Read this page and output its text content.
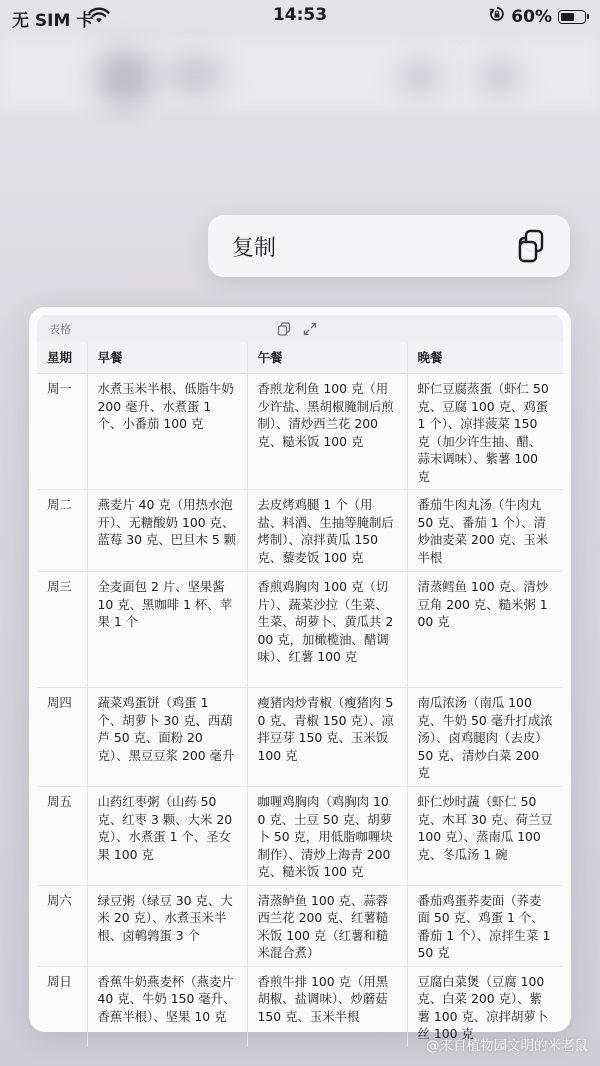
无 SIM 卡	14:53	60%
复制
表格
星期	早餐	午餐	晚餐
周一	水煮玉米半根、低脂牛奶 200 毫升、水煮蛋 1 个、小番茄 100 克	香煎龙利鱼 100 克（用少许盐、黑胡椒腌制后煎制）、清炒西兰花 200 克、糙米饭 100 克	虾仁豆腐蒸蛋（虾仁 50 克、豆腐 100 克、鸡蛋 1 个）、凉拌菠菜 150 克（加少许生抽、醋、蒜末调味）、紫薯 100 克
周二	燕麦片 40 克（用热水泡开）、无糖酸奶 100 克、蓝莓 30 克、巴旦木 5 颗	去皮烤鸡腿 1 个（用盐、料酒、生抽等腌制后烤制）、凉拌黄瓜 150 克、藜麦饭 100 克	番茄牛肉丸汤（牛肉丸 50 克、番茄 1 个）、清炒油麦菜 200 克、玉米半根
周三	全麦面包 2 片、坚果酱 10 克、黑咖啡 1 杯、苹果 1 个	香煎鸡胸肉 100 克（切片）、蔬菜沙拉（生菜、生菜、胡萝卜、黄瓜共 200 克，加橄榄油、醋调味）、红薯 100 克	清蒸鳕鱼 100 克、清炒豆角 200 克、糙米粥 100 克
周四	蔬菜鸡蛋饼（鸡蛋 1 个、胡萝卜 30 克、西葫芦 50 克、面粉 20 克）、黑豆豆浆 200 毫升	瘦猪肉炒青椒（瘦猪肉 50 克、青椒 150 克）、凉拌豆芽 150 克、玉米饭 100 克	南瓜浓汤（南瓜 100 克、牛奶 50 毫升打成浓汤）、卤鸡腿肉（去皮）50 克、清炒白菜 200 克
周五	山药红枣粥（山药 50 克、红枣 3 颗、大米 20 克）、水煮蛋 1 个、圣女果 100 克	咖喱鸡胸肉（鸡胸肉 100 克、土豆 50 克、胡萝卜 50 克，用低脂咖喱块制作）、清炒上海青 200 克、糙米饭 100 克	虾仁炒时蔬（虾仁 50 克、木耳 30 克、荷兰豆 100 克）、蒸南瓜 100 克、冬瓜汤 1 碗
周六	绿豆粥（绿豆 30 克、大米 20 克）、水煮玉米半根、卤鹌鹑蛋 3 个	清蒸鲈鱼 100 克、蒜蓉西兰花 200 克、红薯糙米饭 100 克（红薯和糙米混合煮）	番茄鸡蛋荞麦面（荞麦面 50 克、鸡蛋 1 个、番茄 1 个）、凉拌生菜 150 克
周日	香蕉牛奶燕麦杯（燕麦片 40 克、牛奶 150 毫升、香蕉半根）、坚果 10 克	香煎牛排 100 克（用黑胡椒、盐调味）、炒蘑菇 150 克、玉米半根	豆腐白菜煲（豆腐 100 克、白菜 200 克）、紫薯 100 克、凉拌胡萝卜丝 100 克
@来自植物园文明的米老鼠
